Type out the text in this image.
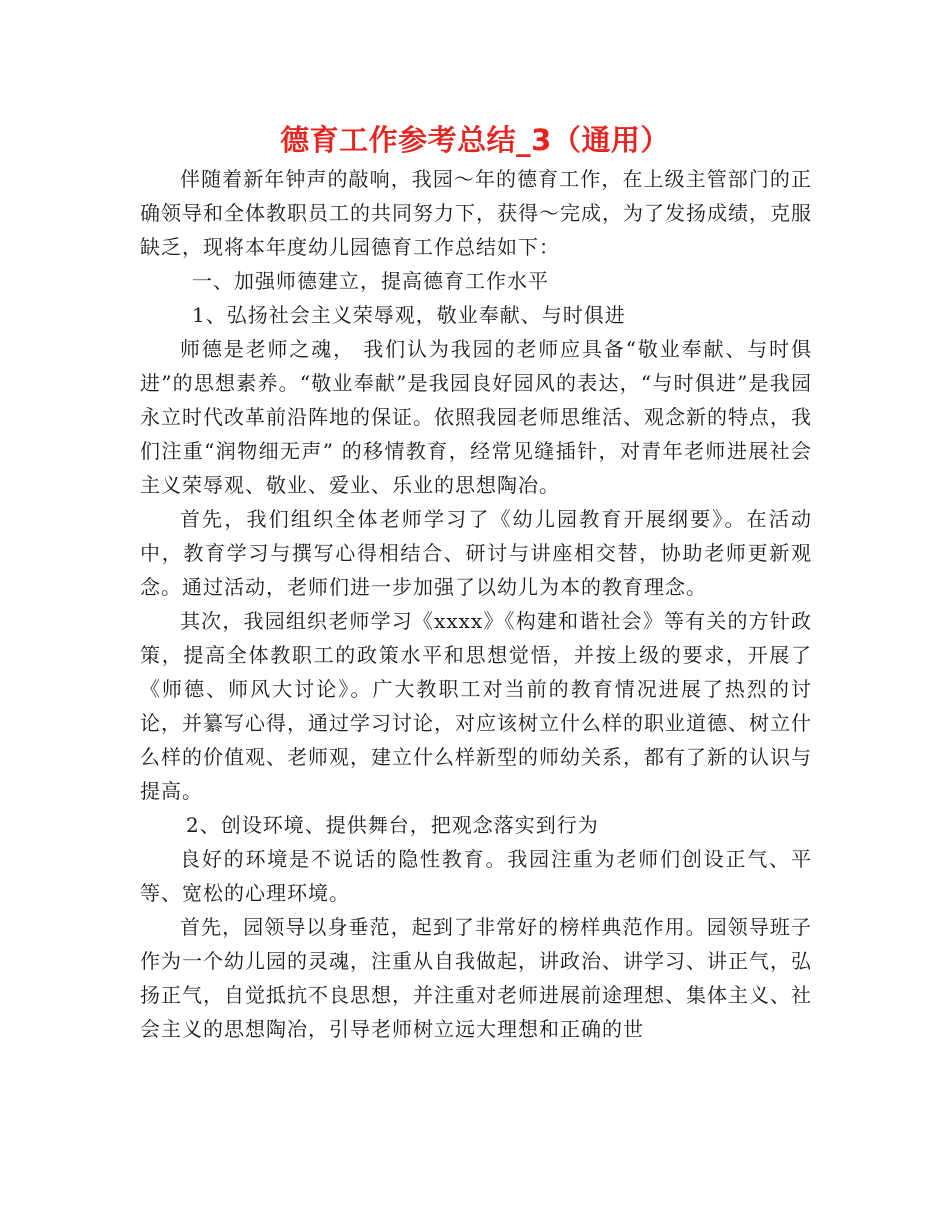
德育工作参考总结_3（通用）

伴随着新年钟声的敲响，我园～年的德育工作，在上级主管部门的正确领导和全体教职员工的共同努力下，获得～完成，为了发扬成绩，克服缺乏，现将本年度幼儿园德育工作总结如下：

一、加强师德建立，提高德育工作水平

1、弘扬社会主义荣辱观，敬业奉献、与时俱进

师德是老师之魂， 我们认为我园的老师应具备“敬业奉献、与时俱进”的思想素养。“敬业奉献”是我园良好园风的表达，“与时俱进”是我园永立时代改革前沿阵地的保证。依照我园老师思维活、观念新的特点，我们注重“润物细无声” 的移情教育，经常见缝插针，对青年老师进展社会主义荣辱观、敬业、爱业、乐业的思想陶冶。

首先，我们组织全体老师学习了《幼儿园教育开展纲要》。在活动中，教育学习与撰写心得相结合、研讨与讲座相交替，协助老师更新观念。通过活动，老师们进一步加强了以幼儿为本的教育理念。

其次，我园组织老师学习《xxxx》《构建和谐社会》等有关的方针政策，提高全体教职工的政策水平和思想觉悟，并按上级的要求，开展了《师德、师风大讨论》。广大教职工对当前的教育情况进展了热烈的讨论，并纂写心得，通过学习讨论，对应该树立什么样的职业道德、树立什么样的价值观、老师观，建立什么样新型的师幼关系，都有了新的认识与提高。

2、创设环境、提供舞台，把观念落实到行为

良好的环境是不说话的隐性教育。我园注重为老师们创设正气、平等、宽松的心理环境。

首先，园领导以身垂范，起到了非常好的榜样典范作用。园领导班子作为一个幼儿园的灵魂，注重从自我做起，讲政治、讲学习、讲正气，弘扬正气，自觉抵抗不良思想，并注重对老师进展前途理想、集体主义、社会主义的思想陶冶，引导老师树立远大理想和正确的世
